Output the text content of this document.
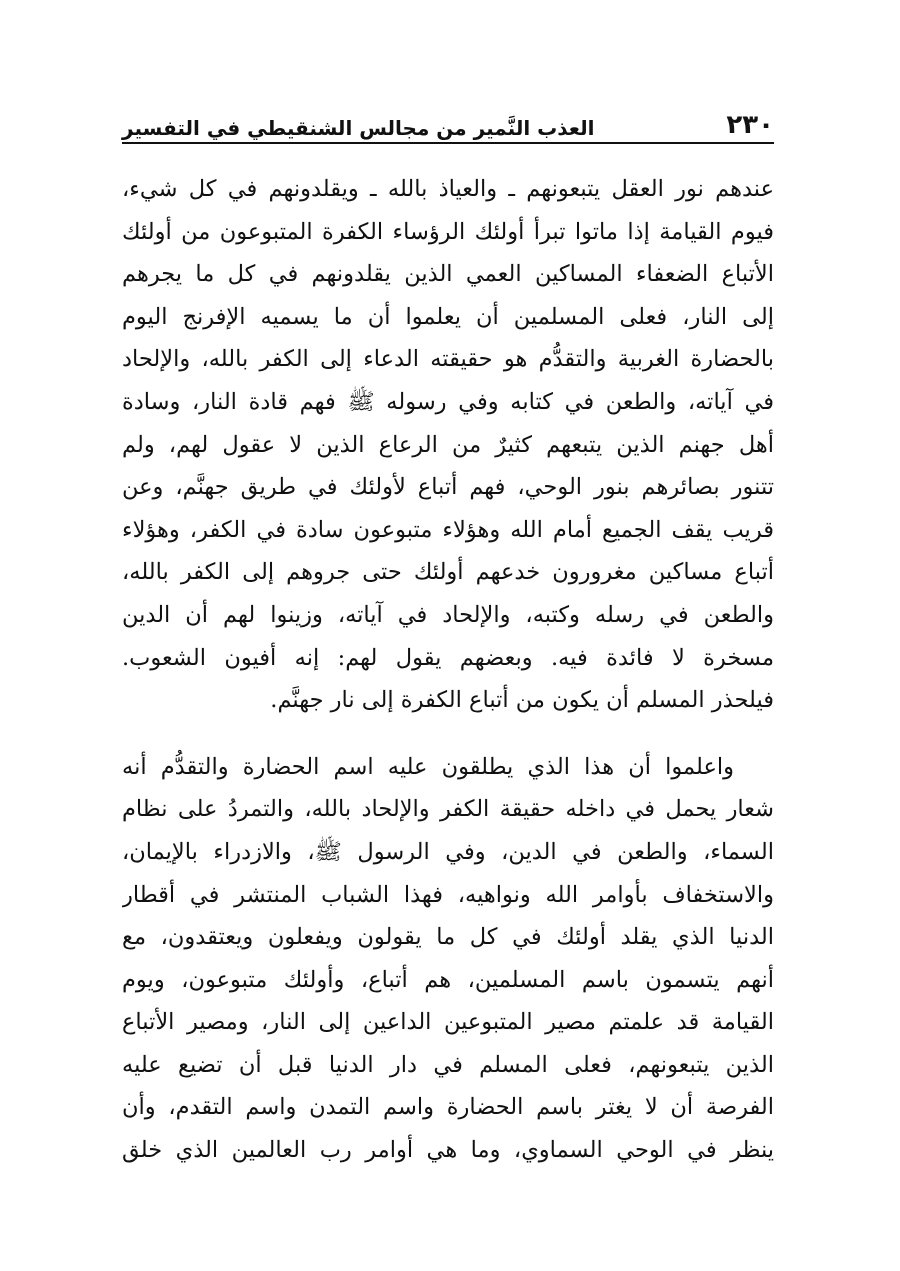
٢٣٠
العذب النَّمير من مجالس الشنقيطي في التفسير
عندهم نور العقل يتبعونهم ـ والعياذ بالله ـ ويقلدونهم في كل شيء،
فيوم القيامة إذا ماتوا تبرأ أولئك الرؤساء الكفرة المتبوعون من أولئك
الأتباع الضعفاء المساكين العمي الذين يقلدونهم في كل ما يجرهم
إلى النار، فعلى المسلمين أن يعلموا أن ما يسميه الإفرنج اليوم
بالحضارة الغربية والتقدُّم هو حقيقته الدعاء إلى الكفر بالله، والإلحاد
في آياته، والطعن في كتابه وفي رسوله ﷺ فهم قادة النار، وسادة
أهل جهنم الذين يتبعهم كثيرٌ من الرعاع الذين لا عقول لهم، ولم
تتنور بصائرهم بنور الوحي، فهم أتباع لأولئك في طريق جهنَّم، وعن
قريب يقف الجميع أمام الله وهؤلاء متبوعون سادة في الكفر، وهؤلاء
أتباع مساكين مغرورون خدعهم أولئك حتى جروهم إلى الكفر بالله،
والطعن في رسله وكتبه، والإلحاد في آياته، وزينوا لهم أن الدين
مسخرة لا فائدة فيه. وبعضهم يقول لهم: إنه أفيون الشعوب.
فيلحذر المسلم أن يكون من أتباع الكفرة إلى نار جهنَّم.
واعلموا أن هذا الذي يطلقون عليه اسم الحضارة والتقدُّم أنه
شعار يحمل في داخله حقيقة الكفر والإلحاد بالله، والتمردُ على نظام
السماء، والطعن في الدين، وفي الرسول ﷺ، والازدراء بالإيمان،
والاستخفاف بأوامر الله ونواهيه، فهذا الشباب المنتشر في أقطار
الدنيا الذي يقلد أولئك في كل ما يقولون ويفعلون ويعتقدون، مع
أنهم يتسمون باسم المسلمين، هم أتباع، وأولئك متبوعون، ويوم
القيامة قد علمتم مصير المتبوعين الداعين إلى النار، ومصير الأتباع
الذين يتبعونهم، فعلى المسلم في دار الدنيا قبل أن تضيع عليه
الفرصة أن لا يغتر باسم الحضارة واسم التمدن واسم التقدم، وأن
ينظر في الوحي السماوي، وما هي أوامر رب العالمين الذي خلق
